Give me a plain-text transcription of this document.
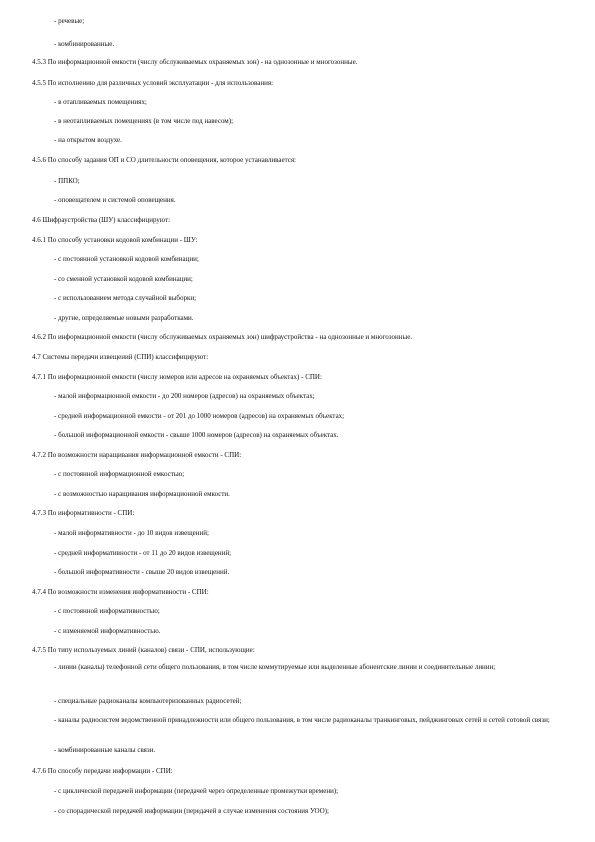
- речевые;
- комбинированные.
4.5.3 По информационной емкости (числу обслуживаемых охраняемых зон) - на однозонные и многозонные.
4.5.5 По исполнению для различных условий эксплуатации - для использования:
- в отапливаемых помещениях;
- в неотапливаемых помещениях (в том числе под навесом);
- на открытом воздухе.
4.5.6 По способу задания ОП и СО длительности оповещения, которое устанавливается:
- ППКО;
- оповещателем и системой оповещения.
4.6 Шифраустройства (ШУ) классифицируют:
4.6.1 По способу установки кодовой комбинации - ШУ:
- с постоянной установкой кодовой комбинации;
- со сменной установкой кодовой комбинации;
- с использованием метода случайной выборки;
- другие, определяемые новыми разработками.
4.6.2 По информационной емкости (числу обслуживаемых охраняемых зон) шифраустройства - на однозонные и многозонные.
4.7 Системы передачи извещений (СПИ) классифицируют:
4.7.1 По информационной емкости (числу номеров или адресов на охраняемых объектах) - СПИ:
- малой информационной емкости - до 200 номеров (адресов) на охраняемых объектах;
- средней информационной емкости - от 201 до 1000 номеров (адресов) на охраняемых объектах;
- большой информационной емкости - свыше 1000 номеров (адресов) на охраняемых объектах.
4.7.2 По возможности наращивания информационной емкости - СПИ:
- с постоянной информационной емкостью;
- с возможностью наращивания информационной емкости.
4.7.3 По информативности - СПИ:
- малой информативности - до 10 видов извещений;
- средней информативности - от 11 до 20 видов извещений;
- большой информативности - свыше 20 видов извещений.
4.7.4 По возможности изменения информативности - СПИ:
- с постоянной информативностью;
- с изменяемой информативностью.
4.7.5 По типу используемых линий (каналов) связи - СПИ, использующие:
- линии (каналы) телефонной сети общего пользования, в том числе коммутируемые или выделенные абонентские линии и соединительные линии;
- специальные радиоканалы компьютеризованных радиосетей;
- каналы радиосистем ведомственной принадлежности или общего пользования, в том числе радиоканалы транкинговых, пейджинговых сетей и сетей сотовой связи;
- комбинированные каналы связи.
4.7.6 По способу передачи информации - СПИ:
- с циклической передачей информации (передачей через определенные промежутки времени);
- со спорадической передачей информации (передачей в случае изменения состояния УОО);
